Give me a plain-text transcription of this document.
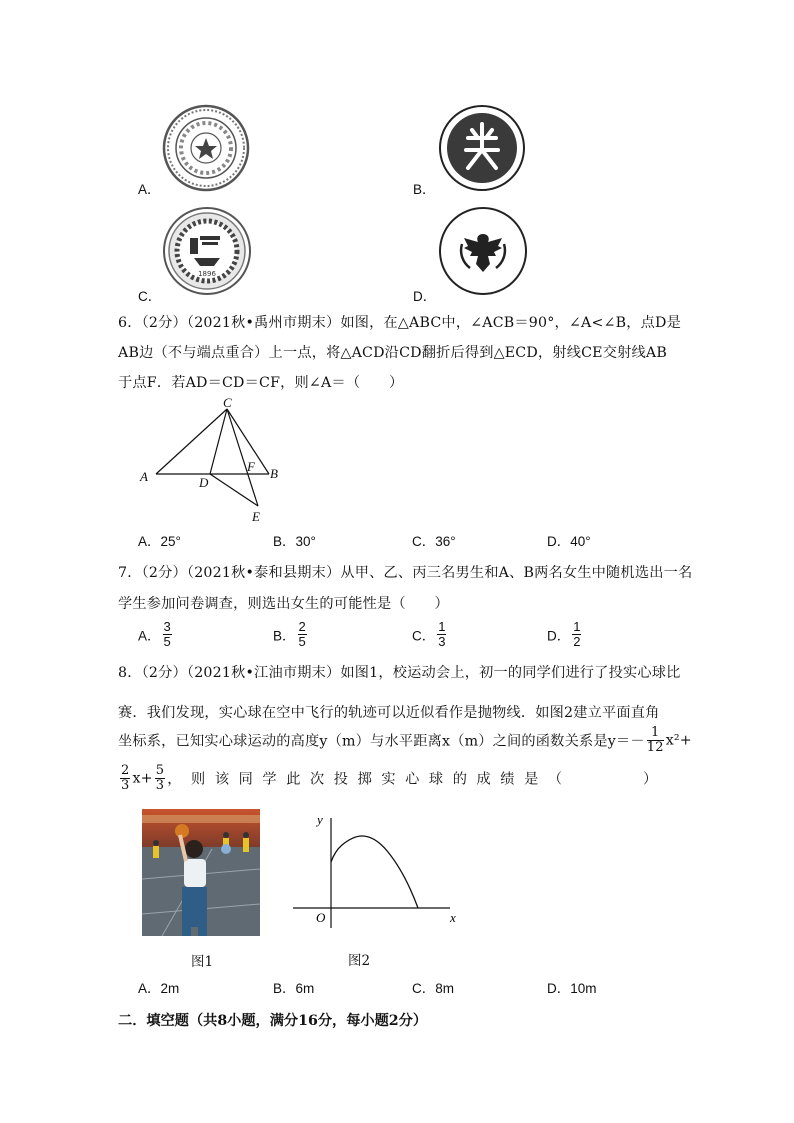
A．	B．
1896
C．	D．
6．（2分）（2021秋•禹州市期末）如图，在△ABC中，∠ACB＝90°，∠A<∠B，点D是
AB边（不与端点重合）上一点，将△ACD沿CD翻折后得到△ECD，射线CE交射线AB
于点F．若AD＝CD＝CF，则∠A＝（　　）
C
A	D
F B
E
A．25°	B．30°	C．36°	D．40°
7．（2分）（2021秋•泰和县期末）从甲、乙、丙三名男生和A、B两名女生中随机选出一名
学生参加问卷调查，则选出女生的可能性是（　　）
A． $\frac{3}{5}$	B． $\frac{2}{5}$	C． $\frac{1}{3}$	D． $\frac{1}{2}$
8．（2分）（2021秋•江油市期末）如图1，校运动会上，初一的同学们进行了投实心球比
赛．我们发现，实心球在空中飞行的轨迹可以近似看作是抛物线．如图2建立平面直角
坐标系，已知实心球运动的高度y（m）与水平距离x（m）之间的函数关系是$y=- \frac{1}{12} x^2+$
$\frac{2}{3} x+ \frac{5}{3}$ ，则该同学此次投掷实心球的成绩是（　　　）
y
x
O
图1	图2
A．2m	B．6m	C．8m	D．10m
二．填空题（共8小题，满分16分，每小题2分）
